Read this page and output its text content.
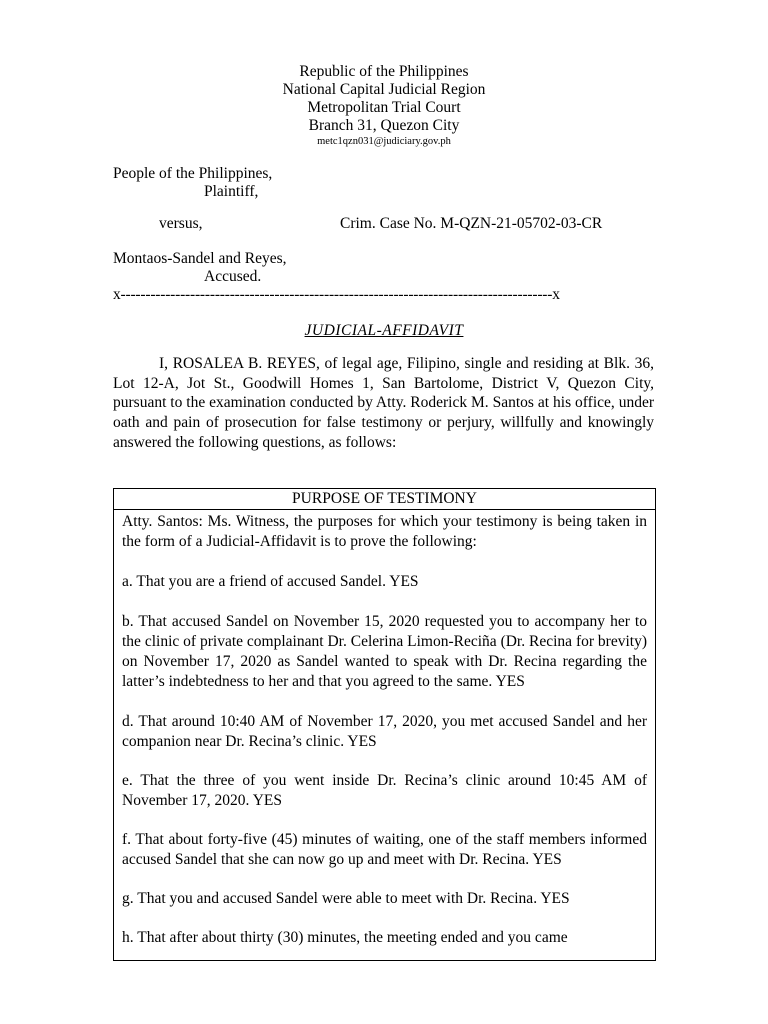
Republic of the Philippines
National Capital Judicial Region
Metropolitan Trial Court
Branch 31, Quezon City
metc1qzn031@judiciary.gov.ph
People of the Philippines,
Plaintiff,
versus,	Crim. Case No. M-QZN-21-05702-03-CR
Montaos-Sandel and Reyes,
Accused.
x---------------------------------------------------------------------------------------x
JUDICIAL-AFFIDAVIT
I, ROSALEA B. REYES, of legal age, Filipino, single and residing at Blk. 36, Lot 12-A, Jot St., Goodwill Homes 1, San Bartolome, District V, Quezon City, pursuant to the examination conducted by Atty. Roderick M. Santos at his office, under oath and pain of prosecution for false testimony or perjury, willfully and knowingly answered the following questions, as follows:
PURPOSE OF TESTIMONY

Atty. Santos: Ms. Witness, the purposes for which your testimony is being taken in the form of a Judicial-Affidavit is to prove the following:

a. That you are a friend of accused Sandel. YES

b. That accused Sandel on November 15, 2020 requested you to accompany her to the clinic of private complainant Dr. Celerina Limon-Reciña (Dr. Recina for brevity) on November 17, 2020 as Sandel wanted to speak with Dr. Recina regarding the latter’s indebtedness to her and that you agreed to the same. YES

d. That around 10:40 AM of November 17, 2020, you met accused Sandel and her companion near Dr. Recina’s clinic. YES

e. That the three of you went inside Dr. Recina’s clinic around 10:45 AM of November 17, 2020. YES

f. That about forty-five (45) minutes of waiting, one of the staff members informed accused Sandel that she can now go up and meet with Dr. Recina. YES

g. That you and accused Sandel were able to meet with Dr. Recina. YES

h. That after about thirty (30) minutes, the meeting ended and you came
